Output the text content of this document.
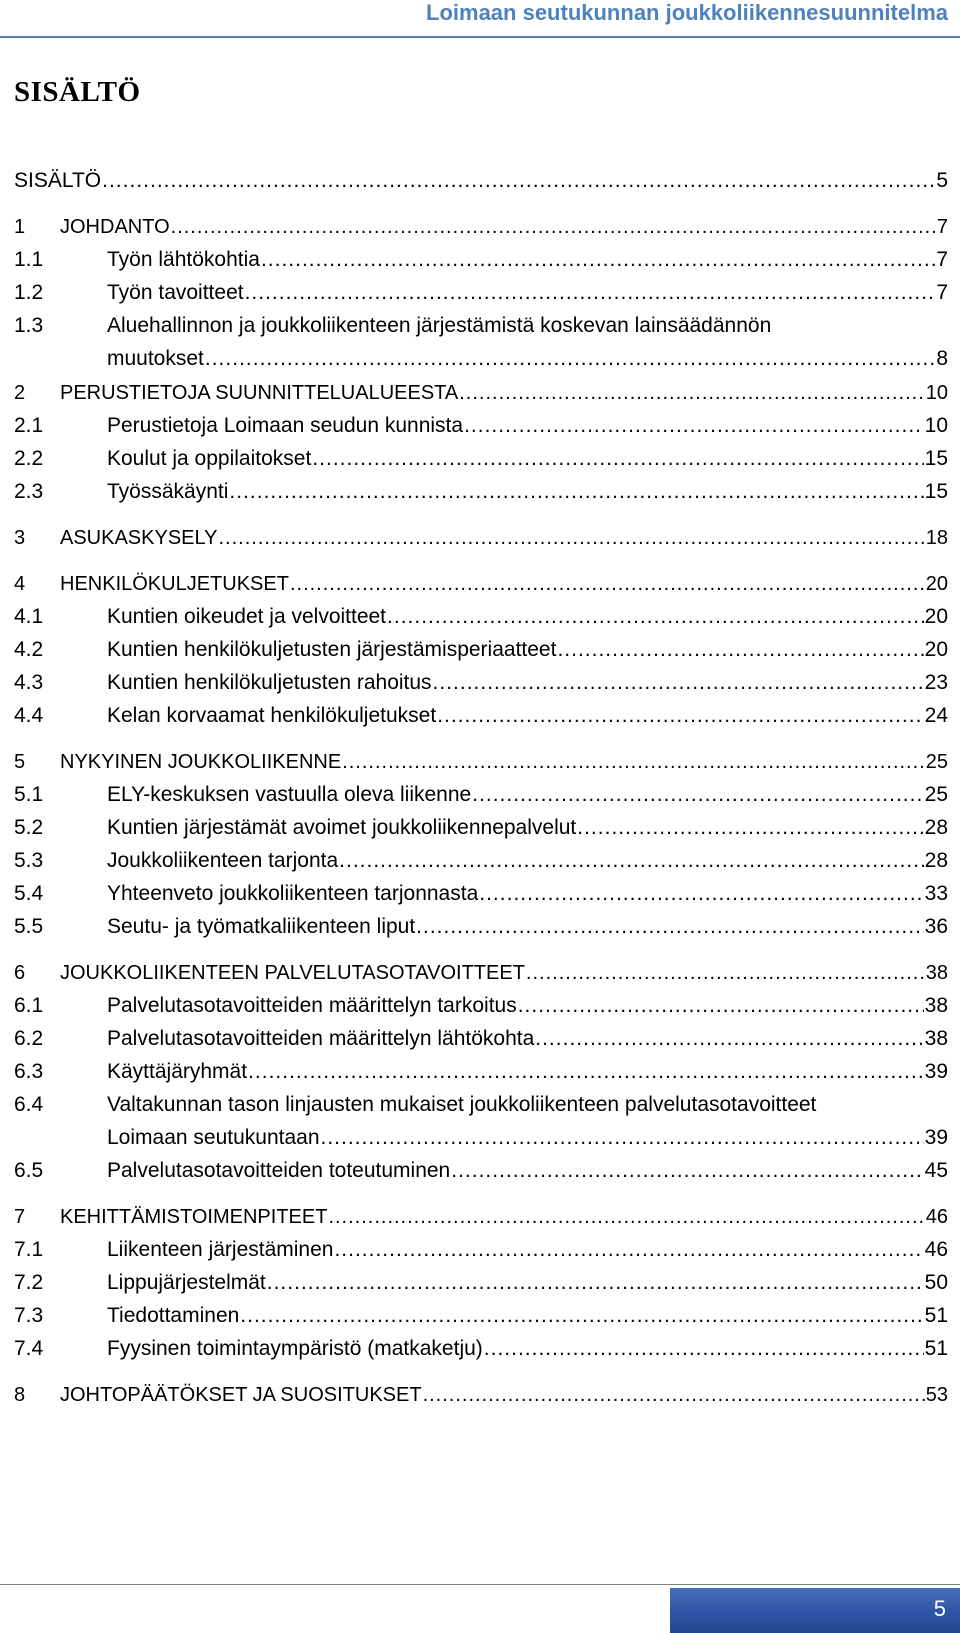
Loimaan seutukunnan joukkoliikennesuunnitelma
SISÄLTÖ
SISÄLTÖ .....	5
1	JOHDANTO .....	7
1.1	Työn lähtökohtia .....	7
1.2	Työn tavoitteet .....	7
1.3	Aluehallinnon ja joukkoliikenteen järjestämistä koskevan lainsäädännön
muutokset .....	8
2	PERUSTIETOJA SUUNNITTELUALUEESTA .....	10
2.1	Perustietoja Loimaan seudun kunnista .....	10
2.2	Koulut ja oppilaitokset .....	15
2.3	Työssäkäynti .....	15
3	ASUKASKYSELY .....	18
4	HENKILÖKULJETUKSET .....	20
4.1	Kuntien oikeudet ja velvoitteet .....	20
4.2	Kuntien henkilökuljetusten järjestämisperiaatteet .....	20
4.3	Kuntien henkilökuljetusten rahoitus .....	23
4.4	Kelan korvaamat henkilökuljetukset .....	24
5	NYKYINEN JOUKKOLIIKENNE .....	25
5.1	ELY-keskuksen vastuulla oleva liikenne .....	25
5.2	Kuntien järjestämät avoimet joukkoliikennepalvelut .....	28
5.3	Joukkoliikenteen tarjonta .....	28
5.4	Yhteenveto joukkoliikenteen tarjonnasta .....	33
5.5	Seutu- ja työmatkaliikenteen liput .....	36
6	JOUKKOLIIKENTEEN PALVELUTASOTAVOITTEET .....	38
6.1	Palvelutasotavoitteiden määrittelyn tarkoitus .....	38
6.2	Palvelutasotavoitteiden määrittelyn lähtökohta .....	38
6.3	Käyttäjäryhmät .....	39
6.4	Valtakunnan tason linjausten mukaiset joukkoliikenteen palvelutasotavoitteet
Loimaan seutukuntaan .....	39
6.5	Palvelutasotavoitteiden toteutuminen .....	45
7	KEHITTÄMISTOIMENPITEET .....	46
7.1	Liikenteen järjestäminen .....	46
7.2	Lippujärjestelmät .....	50
7.3	Tiedottaminen .....	51
7.4	Fyysinen toimintaympäristö (matkaketju) .....	51
8	JOHTOPÄÄTÖKSET JA SUOSITUKSET .....	53
5
